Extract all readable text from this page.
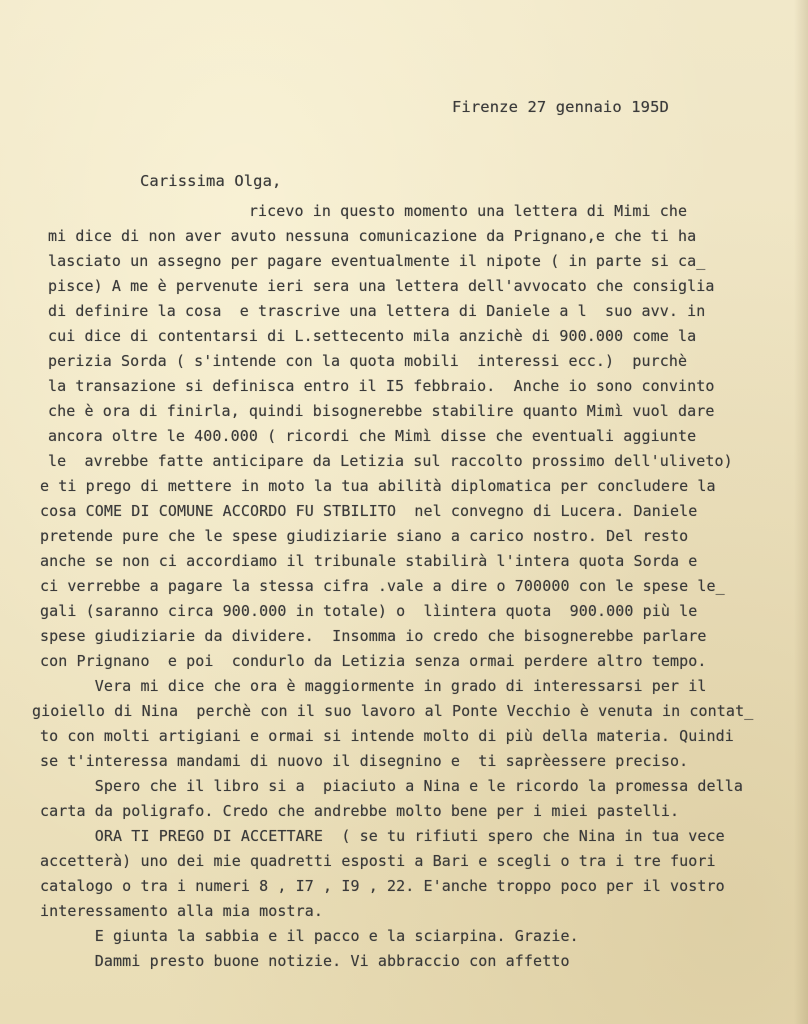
Firenze 27 gennaio 195D
Carissima Olga,
ricevo in questo momento una lettera di Mimi che
mi dice di non aver avuto nessuna comunicazione da Prignano,e che ti ha
lasciato un assegno per pagare eventualmente il nipote ( in parte si ca_
pisce) A me è pervenute ieri sera una lettera dell'avvocato che consiglia
di definire la cosa  e trascrive una lettera di Daniele a l  suo avv. in
cui dice di contentarsi di L.settecento mila anzichè di 900.000 come la
perizia Sorda ( s'intende con la quota mobili  interessi ecc.)  purchè
la transazione si definisca entro il I5 febbraio.  Anche io sono convinto
che è ora di finirla, quindi bisognerebbe stabilire quanto Mimì vuol dare
ancora oltre le 400.000 ( ricordi che Mimì disse che eventuali aggiunte
le  avrebbe fatte anticipare da Letizia sul raccolto prossimo dell'uliveto)
e ti prego di mettere in moto la tua abilità diplomatica per concludere la
cosa COME DI COMUNE ACCORDO FU STBILITO  nel convegno di Lucera. Daniele
pretende pure che le spese giudiziarie siano a carico nostro. Del resto
anche se non ci accordiamo il tribunale stabilirà l'intera quota Sorda e
ci verrebbe a pagare la stessa cifra .vale a dire o 700000 con le spese le_
gali (saranno circa 900.000 in totale) o  lìintera quota  900.000 più le
spese giudiziarie da dividere.  Insomma io credo che bisognerebbe parlare
con Prignano  e poi  condurlo da Letizia senza ormai perdere altro tempo.
Vera mi dice che ora è maggiormente in grado di interessarsi per il
gioiello di Nina  perchè con il suo lavoro al Ponte Vecchio è venuta in contat_
to con molti artigiani e ormai si intende molto di più della materia. Quindi
se t'interessa mandami di nuovo il disegnino e  ti saprèessere preciso.
Spero che il libro si a  piaciuto a Nina e le ricordo la promessa della
carta da poligrafo. Credo che andrebbe molto bene per i miei pastelli.
ORA TI PREGO DI ACCETTARE  ( se tu rifiuti spero che Nina in tua vece
accetterà) uno dei mie quadretti esposti a Bari e scegli o tra i tre fuori
catalogo o tra i numeri 8 , I7 , I9 , 22. E'anche troppo poco per il vostro
interessamento alla mia mostra.
E giunta la sabbia e il pacco e la sciarpina. Grazie.
Dammi presto buone notizie. Vi abbraccio con affetto
